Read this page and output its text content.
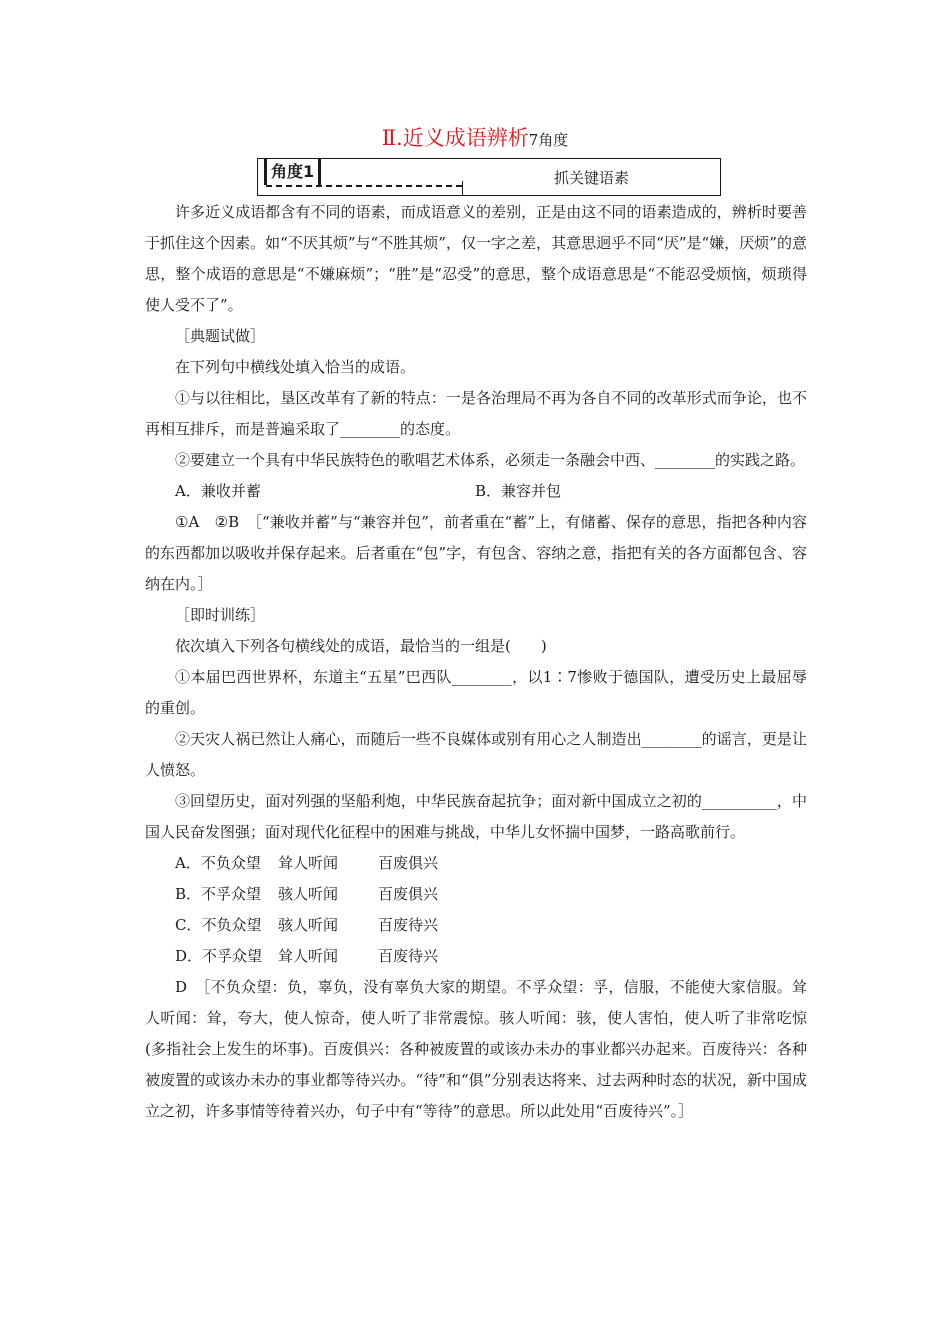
Ⅱ.近义成语辨析7角度
角度1	抓关键语素

许多近义成语都含有不同的语素，而成语意义的差别，正是由这不同的语素造成的，辨析时要善于抓住这个因素。如“不厌其烦”与“不胜其烦”，仅一字之差，其意思迥乎不同“厌”是“嫌，厌烦”的意思，整个成语的意思是“不嫌麻烦”；“胜”是“忍受”的意思，整个成语意思是“不能忍受烦恼，烦琐得使人受不了”。

［典题试做］

在下列句中横线处填入恰当的成语。

①与以往相比，垦区改革有了新的特点：一是各治理局不再为各自不同的改革形式而争论，也不再相互排斥，而是普遍采取了________的态度。

②要建立一个具有中华民族特色的歌唱艺术体系，必须走一条融会中西、________的实践之路。

A．兼收并蓄	B．兼容并包

①A　②B　［“兼收并蓄”与“兼容并包”，前者重在“蓄”上，有储蓄、保存的意思，指把各种内容的东西都加以吸收并保存起来。后者重在“包”字，有包含、容纳之意，指把有关的各方面都包含、容纳在内。］

［即时训练］

依次填入下列各句横线处的成语，最恰当的一组是(　　)

①本届巴西世界杯，东道主“五星”巴西队________，以1∶7惨败于德国队，遭受历史上最屈辱的重创。

②天灾人祸已然让人痛心，而随后一些不良媒体或别有用心之人制造出________的谣言，更是让人愤怒。

③回望历史，面对列强的坚船利炮，中华民族奋起抗争；面对新中国成立之初的__________，中国人民奋发图强；面对现代化征程中的困难与挑战，中华儿女怀揣中国梦，一路高歌前行。

A．不负众望	耸人听闻	百废俱兴
B．不孚众望	骇人听闻	百废俱兴
C．不负众望	骇人听闻	百废待兴
D．不孚众望	耸人听闻	百废待兴

D　［不负众望：负，辜负，没有辜负大家的期望。不孚众望：孚，信服，不能使大家信服。耸人听闻：耸，夸大，使人惊奇，使人听了非常震惊。骇人听闻：骇，使人害怕，使人听了非常吃惊(多指社会上发生的坏事)。百废俱兴：各种被废置的或该办未办的事业都兴办起来。百废待兴：各种被废置的或该办未办的事业都等待兴办。“待”和“俱”分别表达将来、过去两种时态的状况，新中国成立之初，许多事情等待着兴办，句子中有“等待”的意思。所以此处用“百废待兴”。］
